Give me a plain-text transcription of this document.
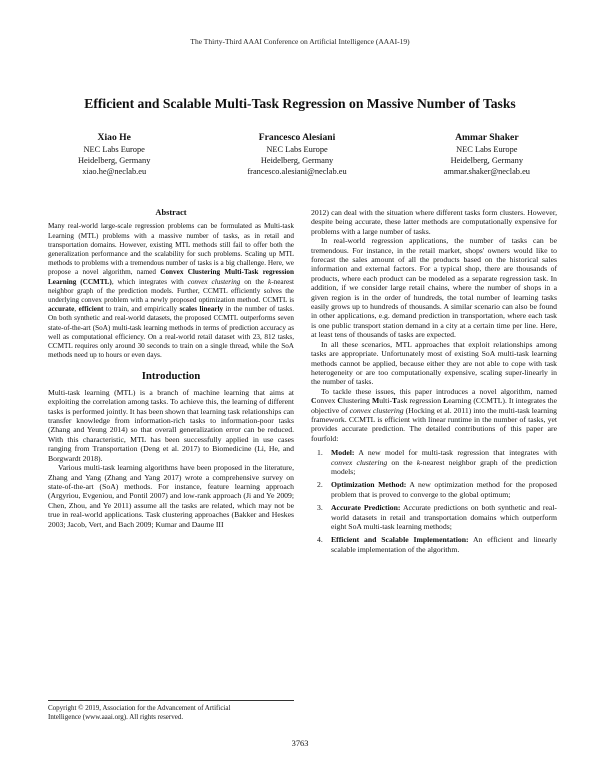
The Thirty-Third AAAI Conference on Artificial Intelligence (AAAI-19)
Efficient and Scalable Multi-Task Regression on Massive Number of Tasks
Xiao He
NEC Labs Europe
Heidelberg, Germany
xiao.he@neclab.eu
Francesco Alesiani
NEC Labs Europe
Heidelberg, Germany
francesco.alesiani@neclab.eu
Ammar Shaker
NEC Labs Europe
Heidelberg, Germany
ammar.shaker@neclab.eu
Abstract

Many real-world large-scale regression problems can be formulated as Multi-task Learning (MTL) problems with a massive number of tasks, as in retail and transportation domains. However, existing MTL methods still fail to offer both the generalization performance and the scalability for such problems. Scaling up MTL methods to problems with a tremendous number of tasks is a big challenge. Here, we propose a novel algorithm, named Convex Clustering Multi-Task regression Learning (CCMTL), which integrates with convex clustering on the k-nearest neighbor graph of the prediction models. Further, CCMTL efficiently solves the underlying convex problem with a newly proposed optimization method. CCMTL is accurate, efficient to train, and empirically scales linearly in the number of tasks. On both synthetic and real-world datasets, the proposed CCMTL outperforms seven state-of-the-art (SoA) multi-task learning methods in terms of prediction accuracy as well as computational efficiency. On a real-world retail dataset with 23, 812 tasks, CCMTL requires only around 30 seconds to train on a single thread, while the SoA methods need up to hours or even days.

Introduction

Multi-task learning (MTL) is a branch of machine learning that aims at exploiting the correlation among tasks. To achieve this, the learning of different tasks is performed jointly. It has been shown that learning task relationships can transfer knowledge from information-rich tasks to information-poor tasks (Zhang and Yeung 2014) so that overall generalization error can be reduced. With this characteristic, MTL has been successfully applied in use cases ranging from Transportation (Deng et al. 2017) to Biomedicine (Li, He, and Borgwardt 2018).

Various multi-task learning algorithms have been proposed in the literature, Zhang and Yang (Zhang and Yang 2017) wrote a comprehensive survey on state-of-the-art (SoA) methods. For instance, feature learning approach (Argyriou, Evgeniou, and Pontil 2007) and low-rank approach (Ji and Ye 2009; Chen, Zhou, and Ye 2011) assume all the tasks are related, which may not be true in real-world applications. Task clustering approaches (Bakker and Heskes 2003; Jacob, Vert, and Bach 2009; Kumar and Daume III

2012) can deal with the situation where different tasks form clusters. However, despite being accurate, these latter methods are computationally expensive for problems with a large number of tasks.

In real-world regression applications, the number of tasks can be tremendous. For instance, in the retail market, shops' owners would like to forecast the sales amount of all the products based on the historical sales information and external factors. For a typical shop, there are thousands of products, where each product can be modeled as a separate regression task. In addition, if we consider large retail chains, where the number of shops in a given region is in the order of hundreds, the total number of learning tasks easily grows up to hundreds of thousands. A similar scenario can also be found in other applications, e.g. demand prediction in transportation, where each task is one public transport station demand in a city at a certain time per line. Here, at least tens of thousands of tasks are expected.

In all these scenarios, MTL approaches that exploit relationships among tasks are appropriate. Unfortunately most of existing SoA multi-task learning methods cannot be applied, because either they are not able to cope with task heterogeneity or are too computationally expensive, scaling super-linearly in the number of tasks.

To tackle these issues, this paper introduces a novel algorithm, named Convex Clustering Multi-Task regression Learning (CCMTL). It integrates the objective of convex clustering (Hocking et al. 2011) into the multi-task learning framework. CCMTL is efficient with linear runtime in the number of tasks, yet provides accurate prediction. The detailed contributions of this paper are fourfold:

1. Model: A new model for multi-task regression that integrates with convex clustering on the k-nearest neighbor graph of the prediction models;
2. Optimization Method: A new optimization method for the proposed problem that is proved to converge to the global optimum;
3. Accurate Prediction: Accurate predictions on both synthetic and real-world datasets in retail and transportation domains which outperform eight SoA multi-task learning methods;
4. Efficient and Scalable Implementation: An efficient and linearly scalable implementation of the algorithm.
Copyright © 2019, Association for the Advancement of Artificial
Intelligence (www.aaai.org). All rights reserved.
3763
